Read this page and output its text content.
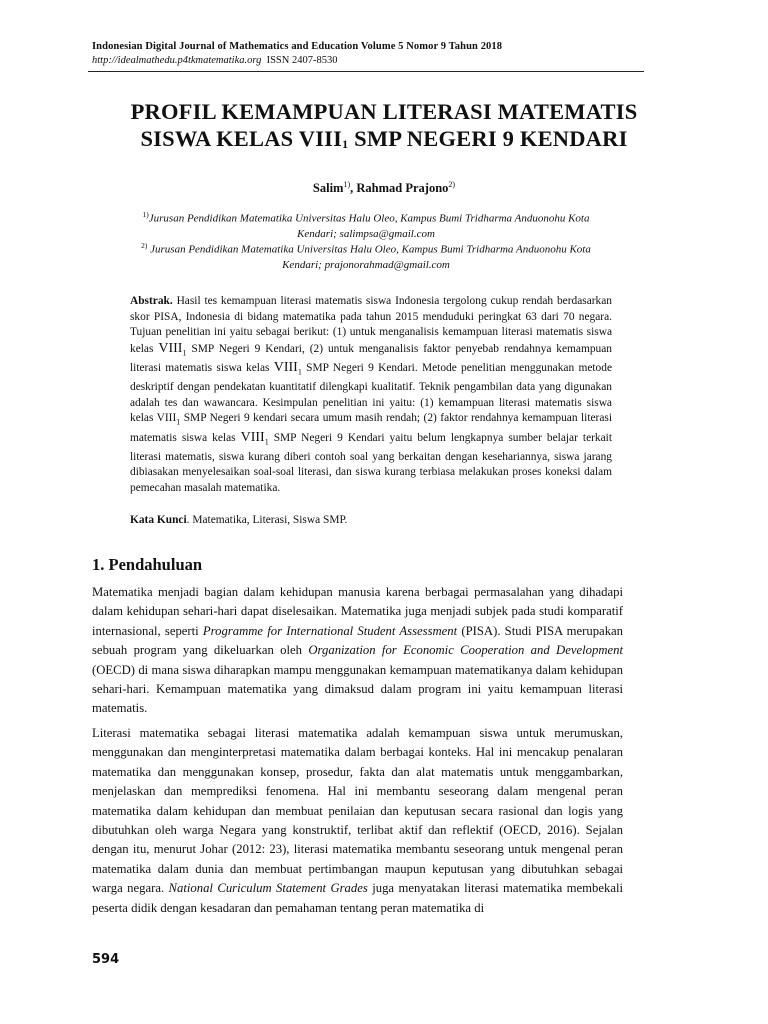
Indonesian Digital Journal of Mathematics and Education Volume 5 Nomor 9 Tahun 2018
http://idealmathedu.p4tkmatematika.org ISSN 2407-8530
PROFIL KEMAMPUAN LITERASI MATEMATIS
SISWA KELAS $VIII_1$ SMP NEGERI 9 KENDARI
Salim$^{1)}$, Rahmad Prajono$^{2)}$
$^{1)}$Jurusan Pendidikan Matematika Universitas Halu Oleo, Kampus Bumi Tridharma Anduonohu Kota
Kendari; salimpsa@gmail.com
$^{2)}$ Jurusan Pendidikan Matematika Universitas Halu Oleo, Kampus Bumi Tridharma Anduonohu Kota
Kendari; prajonorahmad@gmail.com
Abstrak. Hasil tes kemampuan literasi matematis siswa Indonesia tergolong cukup rendah berdasarkan skor PISA, Indonesia di bidang matematika pada tahun 2015 menduduki peringkat 63 dari 70 negara. Tujuan penelitian ini yaitu sebagai berikut: (1) untuk menganalisis kemampuan literasi matematis siswa kelas $VIII_1$ SMP Negeri 9 Kendari, (2) untuk menganalisis faktor penyebab rendahnya kemampuan literasi matematis siswa kelas $VIII_1$ SMP Negeri 9 Kendari. Metode penelitian menggunakan metode deskriptif dengan pendekatan kuantitatif dilengkapi kualitatif. Teknik pengambilan data yang digunakan adalah tes dan wawancara. Kesimpulan penelitian ini yaitu: (1) kemampuan literasi matematis siswa kelas $VIII_1$ SMP Negeri 9 kendari secara umum masih rendah; (2) faktor rendahnya kemampuan literasi matematis siswa kelas $VIII_1$ SMP Negeri 9 Kendari yaitu belum lengkapnya sumber belajar terkait literasi matematis, siswa kurang diberi contoh soal yang berkaitan dengan kesehariannya, siswa jarang dibiasakan menyelesaikan soal-soal literasi, dan siswa kurang terbiasa melakukan proses koneksi dalam pemecahan masalah matematika.
Kata Kunci. Matematika, Literasi, Siswa SMP.
1. Pendahuluan
Matematika menjadi bagian dalam kehidupan manusia karena berbagai permasalahan yang dihadapi dalam kehidupan sehari-hari dapat diselesaikan. Matematika juga menjadi subjek pada studi komparatif internasional, seperti Programme for International Student Assessment (PISA). Studi PISA merupakan sebuah program yang dikeluarkan oleh Organization for Economic Cooperation and Development (OECD) di mana siswa diharapkan mampu menggunakan kemampuan matematikanya dalam kehidupan sehari-hari. Kemampuan matematika yang dimaksud dalam program ini yaitu kemampuan literasi matematis.
Literasi matematika sebagai literasi matematika adalah kemampuan siswa untuk merumuskan, menggunakan dan menginterpretasi matematika dalam berbagai konteks. Hal ini mencakup penalaran matematika dan menggunakan konsep, prosedur, fakta dan alat matematis untuk menggambarkan, menjelaskan dan memprediksi fenomena. Hal ini membantu seseorang dalam mengenal peran matematika dalam kehidupan dan membuat penilaian dan keputusan secara rasional dan logis yang dibutuhkan oleh warga Negara yang konstruktif, terlibat aktif dan reflektif (OECD, 2016). Sejalan dengan itu, menurut Johar (2012: 23), literasi matematika membantu seseorang untuk mengenal peran matematika dalam dunia dan membuat pertimbangan maupun keputusan yang dibutuhkan sebagai warga negara. National Curiculum Statement Grades juga menyatakan literasi matematika membekali peserta didik dengan kesadaran dan pemahaman tentang peran matematika di
594
